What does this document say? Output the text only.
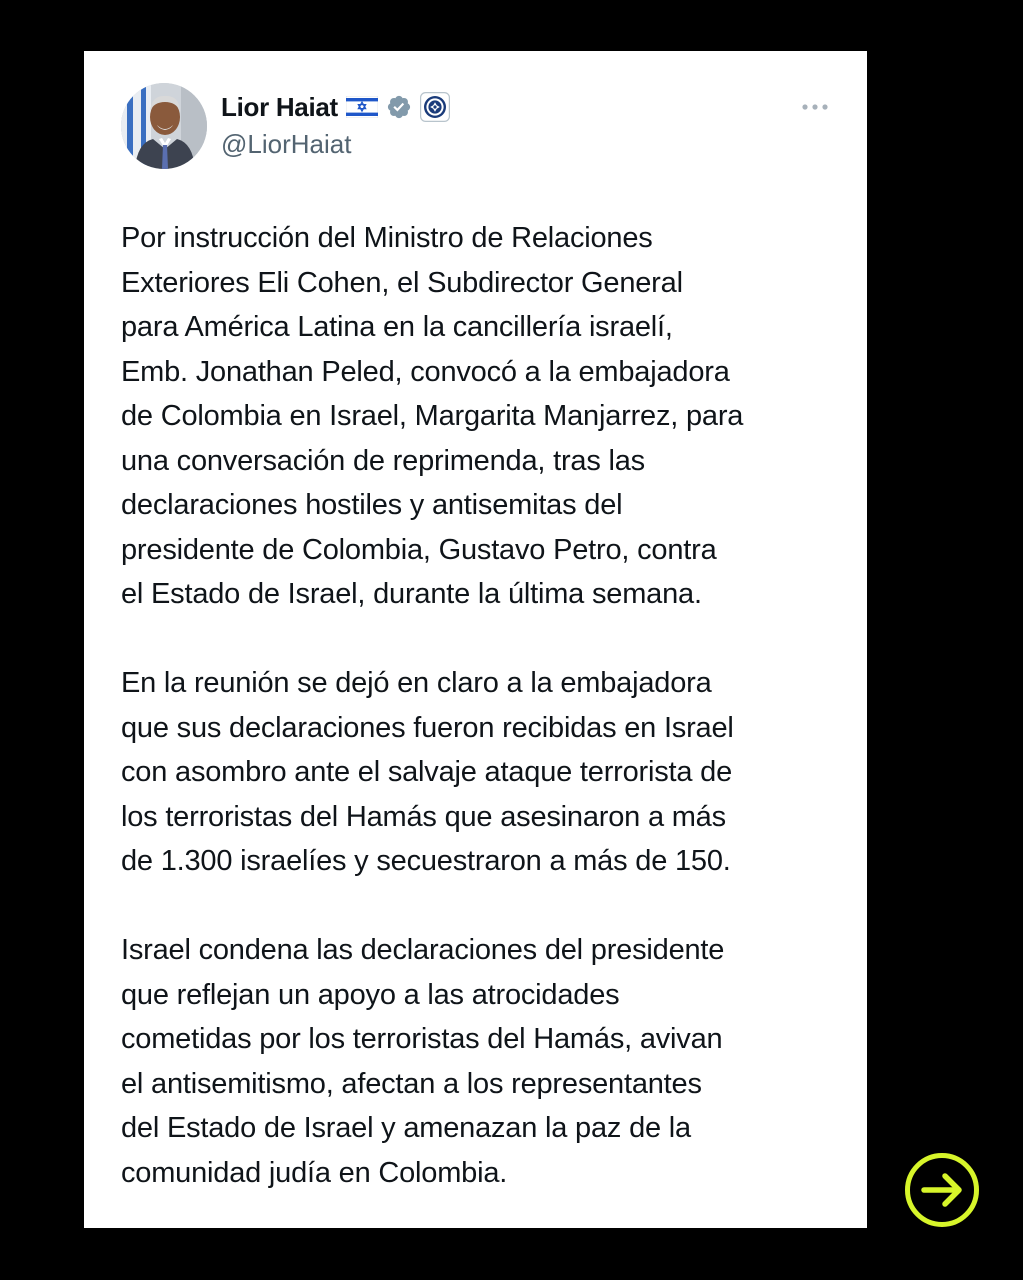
Lior Haiat
@LiorHaiat

Por instrucción del Ministro de Relaciones
Exteriores Eli Cohen, el Subdirector General
para América Latina en la cancillería israelí,
Emb. Jonathan Peled, convocó a la embajadora
de Colombia en Israel, Margarita Manjarrez, para
una conversación de reprimenda, tras las
declaraciones hostiles y antisemitas del
presidente de Colombia, Gustavo Petro, contra
el Estado de Israel, durante la última semana.

En la reunión se dejó en claro a la embajadora
que sus declaraciones fueron recibidas en Israel
con asombro ante el salvaje ataque terrorista de
los terroristas del Hamás que asesinaron a más
de 1.300 israelíes y secuestraron a más de 150.

Israel condena las declaraciones del presidente
que reflejan un apoyo a las atrocidades
cometidas por los terroristas del Hamás, avivan
el antisemitismo, afectan a los representantes
del Estado de Israel y amenazan la paz de la
comunidad judía en Colombia.
